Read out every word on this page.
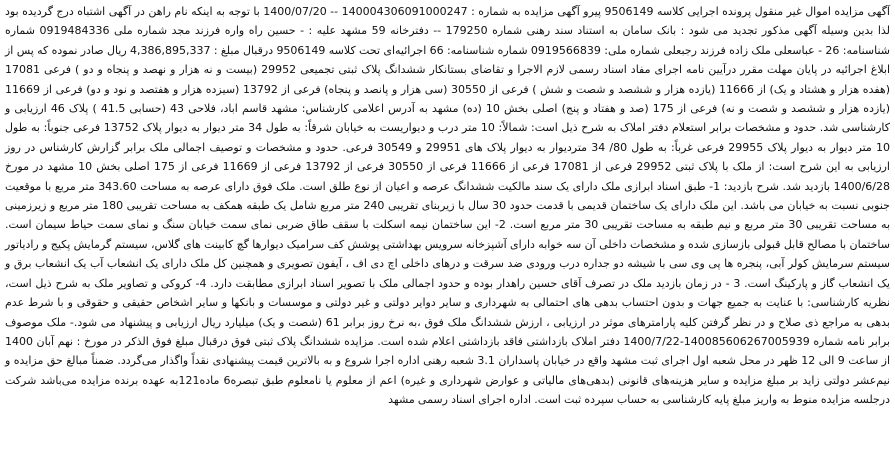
آگهی مزایده اموال غیر منقول پرونده اجرایی کلاسه 9506149 پیرو آگهی مزایده به شماره : 140004306091000247 -- 1400/07/20 با توجه به اینکه نام راهن در آگهی اشتباه درج گردیده بود لذا بدین وسیله آگهی مذکور تجدید می شود : بانک سامان به استناد سند رهنی شماره 179250 -- دفترخانه 59 مشهد علیه : - حسین راه واره فرزند مجد شماره ملی 0919484336 شماره شناسنامه: 26 - عباسعلی ملک زاده فرزند رجبعلی شماره ملی: 0919566839 شماره شناسنامه: 66 اجرائیه‌ای تحت کلاسه 9506149 درقبال مبلغ : 4,386,895,337 ریال صادر نموده که پس از ابلاغ اجرائیه در پایان مهلت مقرر درآیین نامه اجرای مفاد اسناد رسمی لازم الاجرا و تقاضای بستانکار ششدانگ پلاک ثبتی تجمیعی 29952 (بیست و نه هزار و نهصد و پنجاه و دو ) فرعی 17081 (هفده هزار و هشتاد و یک) از 11666 (یازده هزار و ششصد و شصت و شش ) فرعی از 30550 (سی هزار و پانصد و پنجاه) فرعی از 13792 (سیزده هزار و هفتصد و نود و دو) فرعی از 11669 (یازده هزار و ششصد و شصت و نه) فرعی از 175 (صد و هفتاد و پنج) اصلی بخش 10 (ده) مشهد به آدرس اعلامی کارشناس: مشهد قاسم اباد، فلاحی 43 (حسابی 41.5 ) پلاک 46 ارزیابی و کارشناسی شد. حدود و مشخصات برابر استعلام دفتر املاک به شرح ذیل است: شمالاً: 10 متر درب و دیواریست به خیابان شرقاً: به طول 34 متر دیوار به دیوار پلاک 13752 فرعی جنوباً: به طول 10 متر دیوار به دیوار پلاک 29955 فرعی غرباً: به طول 80/ 34 متردیوار به دیوار پلاک های 29951 و 30549 فرعی. حدود و مشخصات و توصیف اجمالی ملک برابر گزارش کارشناس در روز ارزیابی به این شرح است: از ملک با پلاک ثبتی 29952 فرعی از 17081 فرعی از 11666 فرعی از 30550 فرعی از 13792 فرعی از 11669 فرعی از 175 اصلی بخش 10 مشهد در مورخ 1400/6/28 بازدید شد. شرح بازدید: 1- طبق اسناد ابرازی ملک دارای یک سند مالکیت ششدانگ عرصه و اعیان از نوع طلق است. ملک فوق دارای عرصه به مساحت 343.60 متر مربع با موقعیت جنوبی نسبت به خیابان می باشد. این ملک دارای یک ساختمان قدیمی با قدمت حدود 30 سال با زیربنای تقریبی 240 متر مربع شامل یک طبقه همکف به مساحت تقریبی 180 متر مربع و زیرزمینی به مساحت تقریبی 30 متر مربع و نیم طبقه به مساحت تقریبی 30 متر مربع است. 2- این ساختمان نیمه اسکلت با سقف طاق ضربی نمای سمت خیابان سنگ و نمای سمت حیاط سیمان است. ساختمان با مصالح قابل قبولی بازسازی شده و مشخصات داخلی آن سه خوابه دارای آشپزخانه سرویس بهداشتی پوشش کف سرامیک دیوارها گچ کابینت های گلاس، سیستم گرمایش پکیج و رادیاتور سیستم سرمایش کولر آبی، پنجره ها پی وی سی با شیشه دو جداره درب ورودی ضد سرقت و درهای داخلی اچ دی اف ، آیفون تصویری و همچنین کل ملک دارای یک انشعاب آب یک انشعاب برق و یک انشعاب گاز و پارکینگ است. 3 - در زمان بازدید ملک در تصرف آقای حسین راهدار بوده و حدود اجمالی ملک با تصویر اسناد ابرازی مطابقت دارد. 4- کروکی و تصاویر ملک به شرح ذیل است، نظریه کارشناسی: با عنایت به جمیع جهات و بدون احتساب بدهی های احتمالی به شهرداری و سایر دوایر دولتی و غیر دولتی و موسسات و بانکها و سایر اشخاص حقیقی و حقوقی و با شرط عدم بدهی به مراجع ذی صلاح و در نظر گرفتن کلیه پارامترهای موثر در ارزیابی ، ارزش ششدانگ ملک فوق ،به نرخ روز برابر 61 (شصت و یک) میلیارد ریال ارزیابی و پیشنهاد می شود.- ملک موصوف برابر نامه شماره 140085606267005939-1400/7/22 دفتر املاک بازداشتی فاقد بازداشتی اعلام شده است. مزایده ششدانگ پلاک ثبتی فوق درقبال مبلغ فوق الذکر در مورخ : نهم آبان 1400 از ساعت 9 الی 12 ظهر در محل شعبه اول اجرای ثبت مشهد واقع در خیابان پاسداران 3.1 شعبه رهنی اداره اجرا شروع و به بالاترین قیمت پیشنهادی نقداً واگذار می‌گردد. ضمناً مبالغ حق مزایده و نیم‌عشر دولتی زاید بر مبلغ مزایده و سایر هزینه‌های قانونی (بدهی‌های مالیاتی و عوارض شهرداری و غیره) اعم از معلوم یا نامعلوم طبق تبصره6 ماده121به عهده برنده مزایده می‌باشد شرکت درجلسه مزایده منوط به واریز مبلغ پایه کارشناسی به حساب سپرده ثبت است. اداره اجرای اسناد رسمی مشهد
